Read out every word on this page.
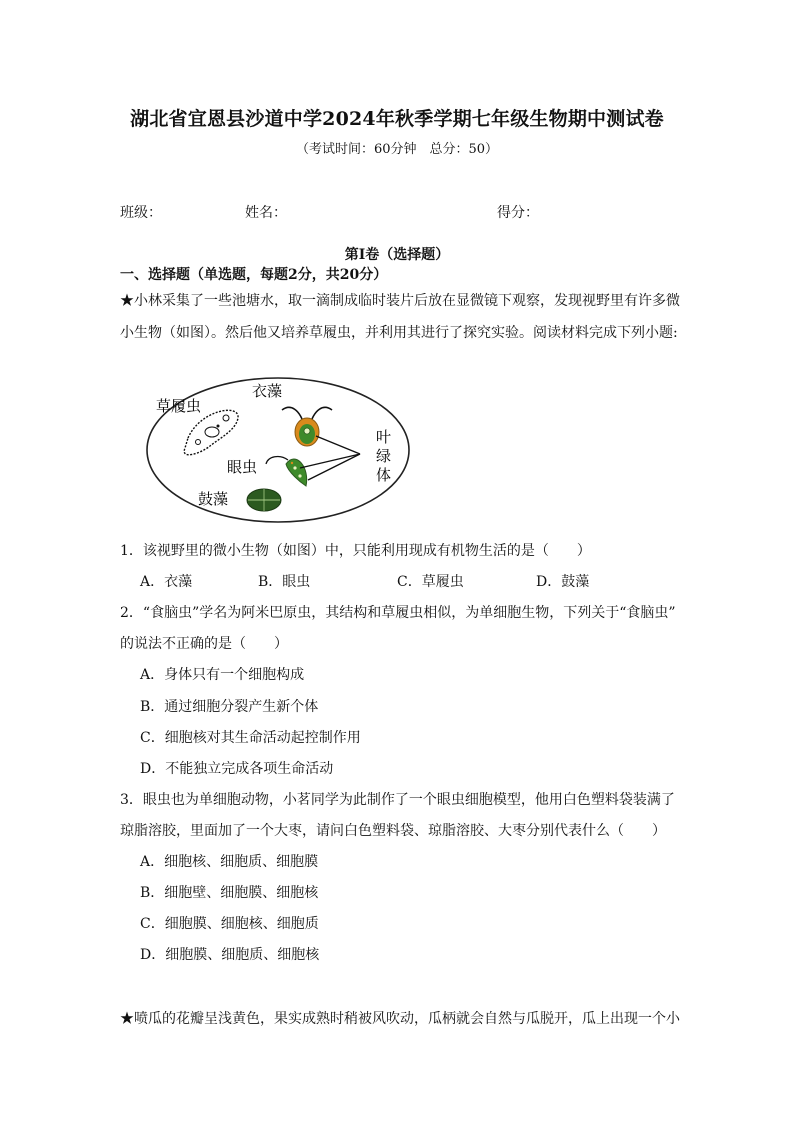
湖北省宜恩县沙道中学2024年秋季学期七年级生物期中测试卷
（考试时间：60分钟　总分：50）
班级：	姓名：	得分：
第Ⅰ卷（选择题）
一、选择题（单选题，每题2分，共20分）
★小林采集了一些池塘水，取一滴制成临时装片后放在显微镜下观察，发现视野里有许多微
小生物（如图）。然后他又培养草履虫，并利用其进行了探究实验。阅读材料完成下列小题:
草履虫
衣藻
眼虫
鼓藻
叶
绿
体
1．该视野里的微小生物（如图）中，只能利用现成有机物生活的是（　　）
A．衣藻	B．眼虫	C．草履虫	D．鼓藻
2．“食脑虫”学名为阿米巴原虫，其结构和草履虫相似，为单细胞生物，下列关于“食脑虫”
的说法不正确的是（　　）
A．身体只有一个细胞构成
B．通过细胞分裂产生新个体
C．细胞核对其生命活动起控制作用
D．不能独立完成各项生命活动
3．眼虫也为单细胞动物，小茗同学为此制作了一个眼虫细胞模型，他用白色塑料袋装满了
琼脂溶胶，里面加了一个大枣，请问白色塑料袋、琼脂溶胶、大枣分别代表什么（　　）
A．细胞核、细胞质、细胞膜
B．细胞壁、细胞膜、细胞核
C．细胞膜、细胞核、细胞质
D．细胞膜、细胞质、细胞核
★喷瓜的花瓣呈浅黄色，果实成熟时稍被风吹动，瓜柄就会自然与瓜脱开，瓜上出现一个小
